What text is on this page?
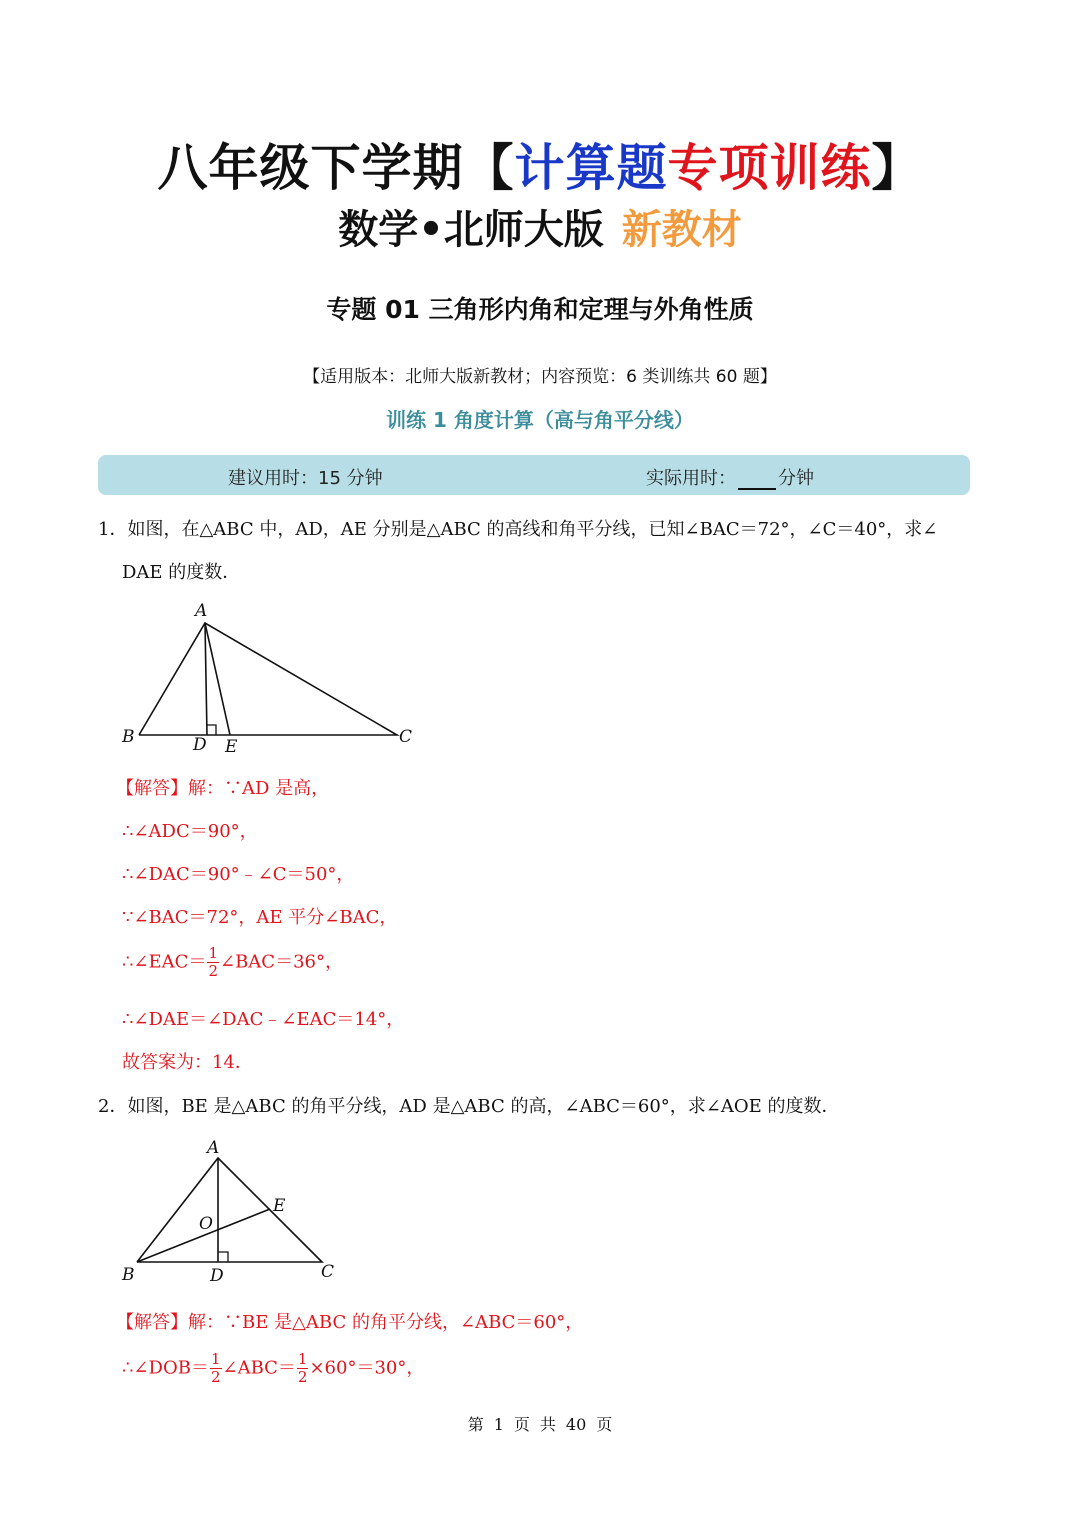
八年级下学期【计算题专项训练】
数学•北师大版 新教材
专题 01 三角形内角和定理与外角性质
【适用版本：北师大版新教材；内容预览：6 类训练共 60 题】
训练 1 角度计算（高与角平分线）
建议用时：15 分钟	实际用时： 分钟
1．如图，在△ABC 中，AD，AE 分别是△ABC 的高线和角平分线，已知∠BAC＝72°，∠C＝40°，求∠
DAE 的度数．
A
B	C
D E
【解答】解：∵AD 是高，
∴∠ADC＝90°，
∴∠DAC＝90°﹣∠C＝50°，
∵∠BAC＝72°，AE 平分∠BAC，
∴∠EAC＝ $\frac{1}{2}$ ∠BAC＝36°，
∴∠DAE＝∠DAC﹣∠EAC＝14°，
故答案为：14．
2．如图，BE 是△ABC 的角平分线，AD 是△ABC 的高，∠ABC＝60°，求∠AOE 的度数．
A
B	C
D
E
O
【解答】解：∵BE 是△ABC 的角平分线，∠ABC＝60°，
∴∠DOB＝ $\frac{1}{2}$ ∠ABC＝ $\frac{1}{2} \times 60^\circ=30^\circ$，
第 1 页 共 40 页
